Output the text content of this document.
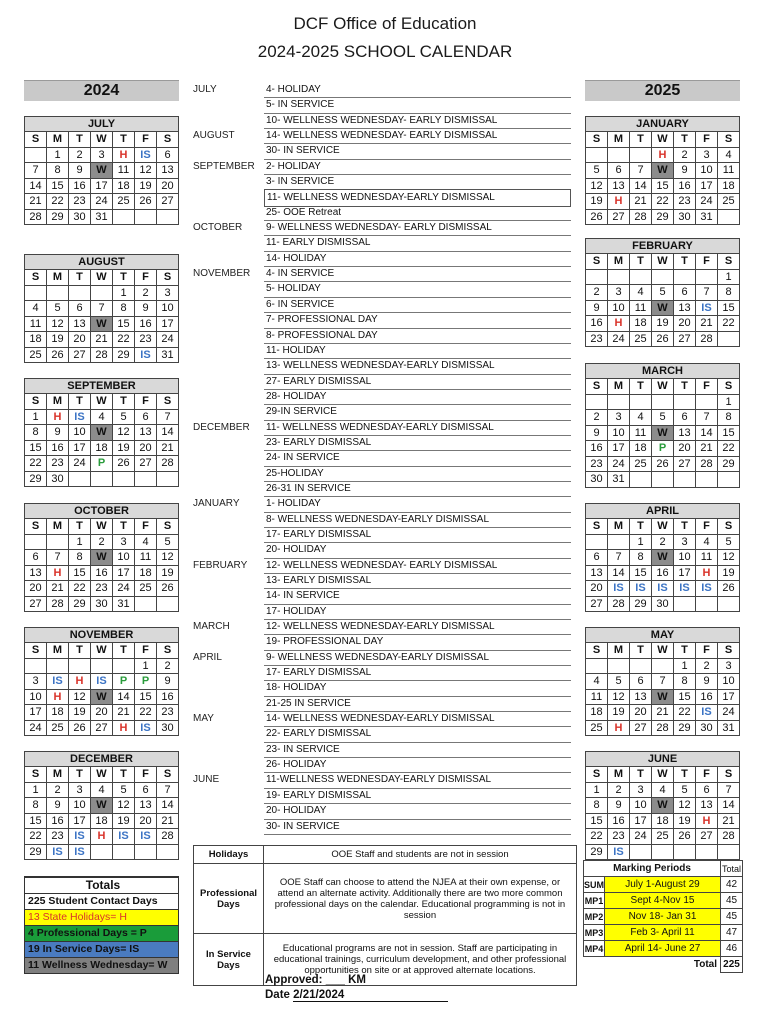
DCF Office of Education
2024-2025 SCHOOL CALENDAR
2024	2025
JULY						
S	M	T	W	T	F	S
	1	2	3	H	IS	6
7	8	9	W	11	12	13
14	15	16	17	18	19	20
21	22	23	24	25	26	27
28	29	30	31			
AUGUST						
S	M	T	W	T	F	S
				1	2	3
4	5	6	7	8	9	10
11	12	13	W	15	16	17
18	19	20	21	22	23	24
25	26	27	28	29	IS	31
SEPTEMBER						
S	M	T	W	T	F	S
1	H	IS	4	5	6	7
8	9	10	W	12	13	14
15	16	17	18	19	20	21
22	23	24	P	26	27	28
29	30					
OCTOBER						
S	M	T	W	T	F	S
		1	2	3	4	5
6	7	8	W	10	11	12
13	H	15	16	17	18	19
20	21	22	23	24	25	26
27	28	29	30	31		
NOVEMBER						
S	M	T	W	T	F	S
					1	2
3	IS	H	IS	P	P	9
10	H	12	W	14	15	16
17	18	19	20	21	22	23
24	25	26	27	H	IS	30
DECEMBER						
S	M	T	W	T	F	S
1	2	3	4	5	6	7
8	9	10	W	12	13	14
15	16	17	18	19	20	21
22	23	IS	H	IS	IS	28
29	IS	IS				
JANUARY						
S	M	T	W	T	F	S
			H	2	3	4
5	6	7	W	9	10	11
12	13	14	15	16	17	18
19	H	21	22	23	24	25
26	27	28	29	30	31	
FEBRUARY						
S	M	T	W	T	F	S
						1
2	3	4	5	6	7	8
9	10	11	W	13	IS	15
16	H	18	19	20	21	22
23	24	25	26	27	28	
MARCH						
S	M	T	W	T	F	S
						1
2	3	4	5	6	7	8
9	10	11	W	13	14	15
16	17	18	P	20	21	22
23	24	25	26	27	28	29
30	31					
APRIL						
S	M	T	W	T	F	S
		1	2	3	4	5
6	7	8	W	10	11	12
13	14	15	16	17	H	19
20	IS	IS	IS	IS	IS	26
27	28	29	30			
MAY						
S	M	T	W	T	F	S
				1	2	3
4	5	6	7	8	9	10
11	12	13	W	15	16	17
18	19	20	21	22	IS	24
25	H	27	28	29	30	31
JUNE						
S	M	T	W	T	F	S
1	2	3	4	5	6	7
8	9	10	W	12	13	14
15	16	17	18	19	H	21
22	23	24	25	26	27	28
29	IS					
JULY	4- HOLIDAY
5- IN SERVICE
10- WELLNESS WEDNESDAY- EARLY DISMISSAL
AUGUST	14- WELLNESS WEDNESDAY- EARLY DISMISSAL
30- IN SERVICE
SEPTEMBER	2- HOLIDAY
3- IN SERVICE
11- WELLNESS WEDNESDAY-EARLY DISMISSAL
25- OOE Retreat
OCTOBER	9- WELLNESS WEDNESDAY- EARLY DISMISSAL
11- EARLY DISMISSAL
14- HOLIDAY
NOVEMBER	4- IN SERVICE
5- HOLIDAY
6- IN SERVICE
7- PROFESSIONAL DAY
8- PROFESSIONAL DAY
11- HOLIDAY
13- WELLNESS WEDNESDAY-EARLY DISMISSAL
27- EARLY DISMISSAL
28- HOLIDAY
29-IN SERVICE
DECEMBER	11- WELLNESS WEDNESDAY-EARLY DISMISSAL
23- EARLY DISMISSAL
24- IN SERVICE
25-HOLIDAY
26-31 IN SERVICE
JANUARY	1- HOLIDAY
8- WELLNESS WEDNESDAY-EARLY DISMISSAL
17- EARLY DISMISSAL
20- HOLIDAY
FEBRUARY	12- WELLNESS WEDNESDAY- EARLY DISMISSAL
13- EARLY DISMISSAL
14- IN SERVICE
17- HOLIDAY
MARCH	12- WELLNESS WEDNESDAY-EARLY DISMISSAL
19- PROFESSIONAL DAY
APRIL	9- WELLNESS WEDNESDAY-EARLY DISMISSAL
17- EARLY DISMISSAL
18- HOLIDAY
21-25 IN SERVICE
MAY	14- WELLNESS WEDNESDAY-EARLY DISMISSAL
22- EARLY DISMISSAL
23- IN SERVICE
26- HOLIDAY
JUNE	11-WELLNESS WEDNESDAY-EARLY DISMISSAL
19- EARLY DISMISSAL
20- HOLIDAY
30- IN SERVICE
Holidays	OOE Staff and students are not in session
Professional Days	OOE Staff can choose to attend the NJEA at their own expense, or attend an alternate activity. Additionally there are two more common professional days on the calendar. Educational programming is not in session
In Service Days	Educational programs are not in session. Staff are participating in educational trainings, curriculum development, and other professional opportunities on site or at approved alternate locations.
Totals
225 Student Contact Days
13 State Holidays= H
4 Professional Days = P
19 In Service Days= IS
11 Wellness Wednesday= W
Marking Periods		Total
SUM	July 1-August 29	42
MP1	Sept 4-Nov 15	45
MP2	Nov 18- Jan 31	45
MP3	Feb 3- April 11	47
MP4	April 14- June 27	46
Total		225
Approved: ___ KM
Date 2/21/2024
